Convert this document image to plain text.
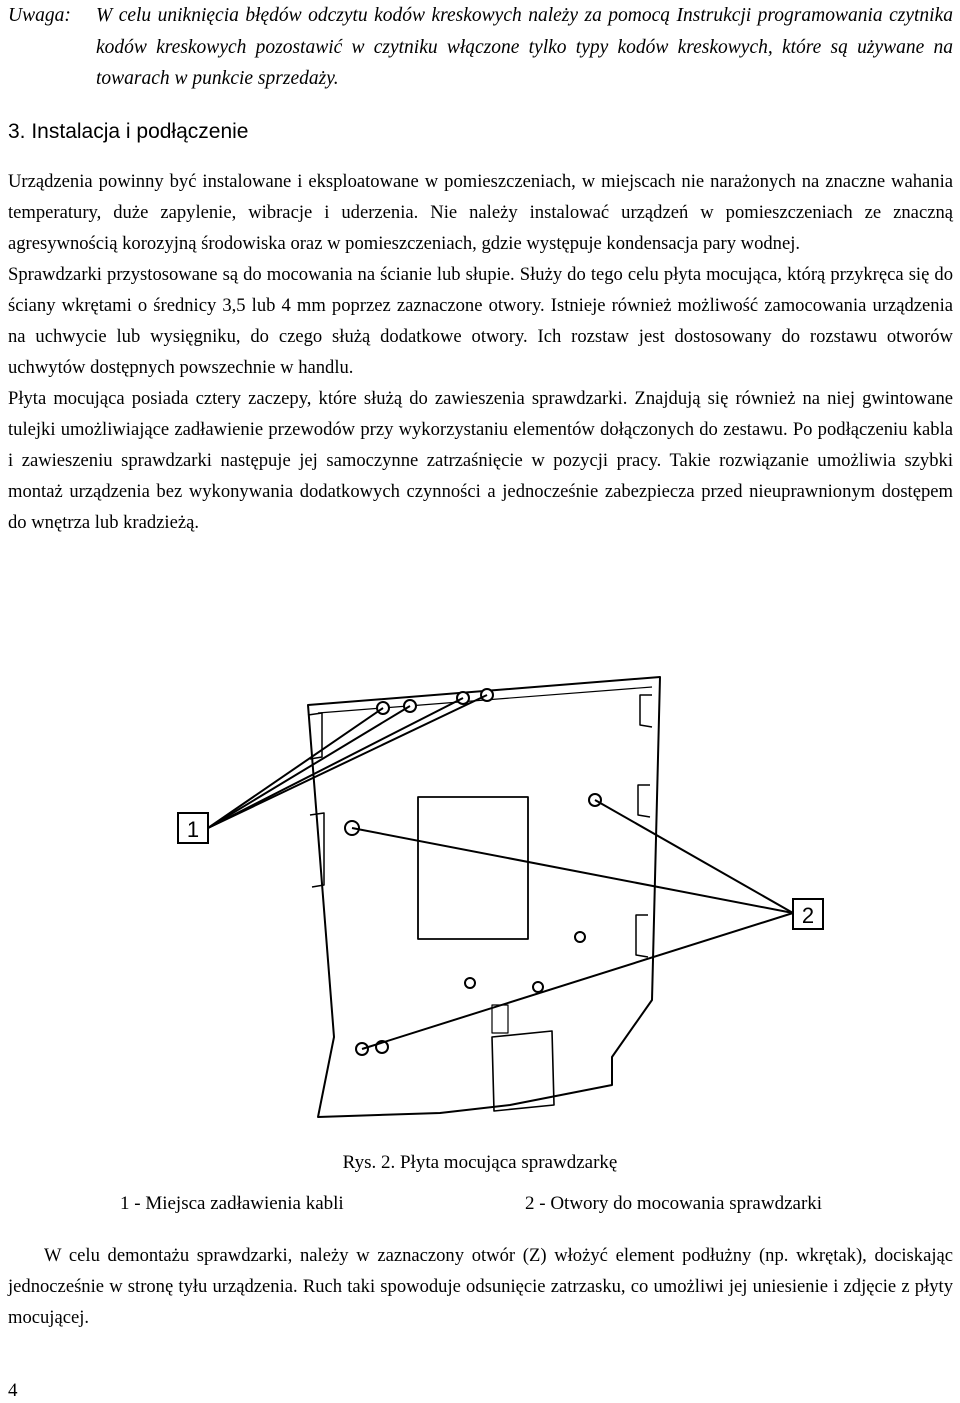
Uwaga: W celu uniknięcia błędów odczytu kodów kreskowych należy za pomocą Instrukcji programowania czytnika kodów kreskowych pozostawić w czytniku włączone tylko typy kodów kreskowych, które są używane na towarach w punkcie sprzedaży.
3. Instalacja i podłączenie

Urządzenia powinny być instalowane i eksploatowane w pomieszczeniach, w miejscach nie narażonych na znaczne wahania temperatury, duże zapylenie, wibracje i uderzenia. Nie należy instalować urządzeń w pomieszczeniach ze znaczną agresywnością korozyjną środowiska oraz w pomieszczeniach, gdzie występuje kondensacja pary wodnej.

Sprawdzarki przystosowane są do mocowania na ścianie lub słupie. Służy do tego celu płyta mocująca, którą przykręca się do ściany wkrętami o średnicy 3,5 lub 4 mm poprzez zaznaczone otwory. Istnieje również możliwość zamocowania urządzenia na uchwycie lub wysięgniku, do czego służą dodatkowe otwory. Ich rozstaw jest dostosowany do rozstawu otworów uchwytów dostępnych powszechnie w handlu.

Płyta mocująca posiada cztery zaczepy, które służą do zawieszenia sprawdzarki. Znajdują się również na niej gwintowane tulejki umożliwiające zadławienie przewodów przy wykorzystaniu elementów dołączonych do zestawu. Po podłączeniu kabla i zawieszeniu sprawdzarki następuje jej samoczynne zatrzaśnięcie w pozycji pracy. Takie rozwiązanie umożliwia szybki montaż urządzenia bez wykonywania dodatkowych czynności a jednocześnie zabezpiecza przed nieuprawnionym dostępem do wnętrza lub kradzieżą.

1
2
Rys. 2. Płyta mocująca sprawdzarkę
1 - Miejsca zadławienia kabli	2 - Otwory do mocowania sprawdzarki

W celu demontażu sprawdzarki, należy w zaznaczony otwór (Z) włożyć element podłużny (np. wkrętak), dociskając jednocześnie w stronę tyłu urządzenia. Ruch taki spowoduje odsunięcie zatrzasku, co umożliwi jej uniesienie i zdjęcie z płyty mocującej.

4
